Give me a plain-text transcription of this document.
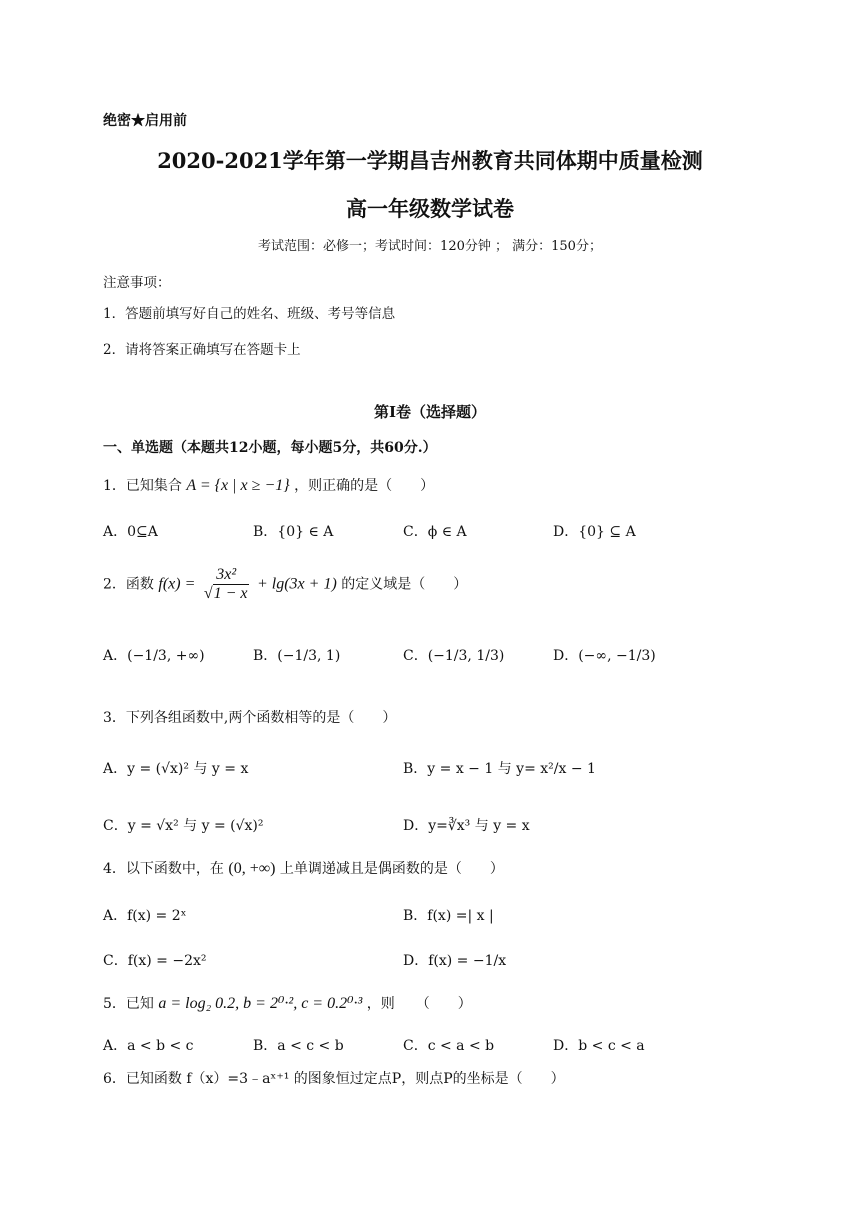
绝密★启用前
2020-2021学年第一学期昌吉州教育共同体期中质量检测
高一年级数学试卷
考试范围：必修一；考试时间：120分钟 ； 满分：150分；
注意事项：
1．答题前填写好自己的姓名、班级、考号等信息
2．请将答案正确填写在答题卡上
第I卷（选择题）
一、单选题（本题共12小题，每小题5分，共60分.）
1．已知集合 A = {x | x ≥ −1} ，则正确的是（　　）
A．0⊆A	B．{0} ∈ A	C．ϕ ∈ A	D．{0} ⊆ A
2．函数 $f(x) = \frac{\text{3x²}}{√1 - x} + \lg(3x + 1)$ 的定义域是（　　）
A．(−1/3, +∞)	B．(−1/3, 1)	C．(−1/3, 1/3)	D．(−∞, −1/3)
3．下列各组函数中,两个函数相等的是（　　）
A．y = (√x)² 与 y = x	B．y = x − 1 与 y= x²/x − 1
C．y = √x² 与 y = (√x)²	D．y=∛x³ 与 y = x
4．以下函数中，在 (0, +∞) 上单调递减且是偶函数的是（　　）
A．f(x) = 2ˣ	B．f(x) =| x |
C．f(x) = −2x²	D．f(x) = −1/x
5．已知 a = log₂ 0.2, b = 2⁰·², c = 0.2⁰·³ ，则　　（　　）
A．a < b < c	B．a < c < b	C．c < a < b	D．b < c < a
6．已知函数 f（x）=3﹣aˣ⁺¹ 的图象恒过定点P，则点P的坐标是（　　）
